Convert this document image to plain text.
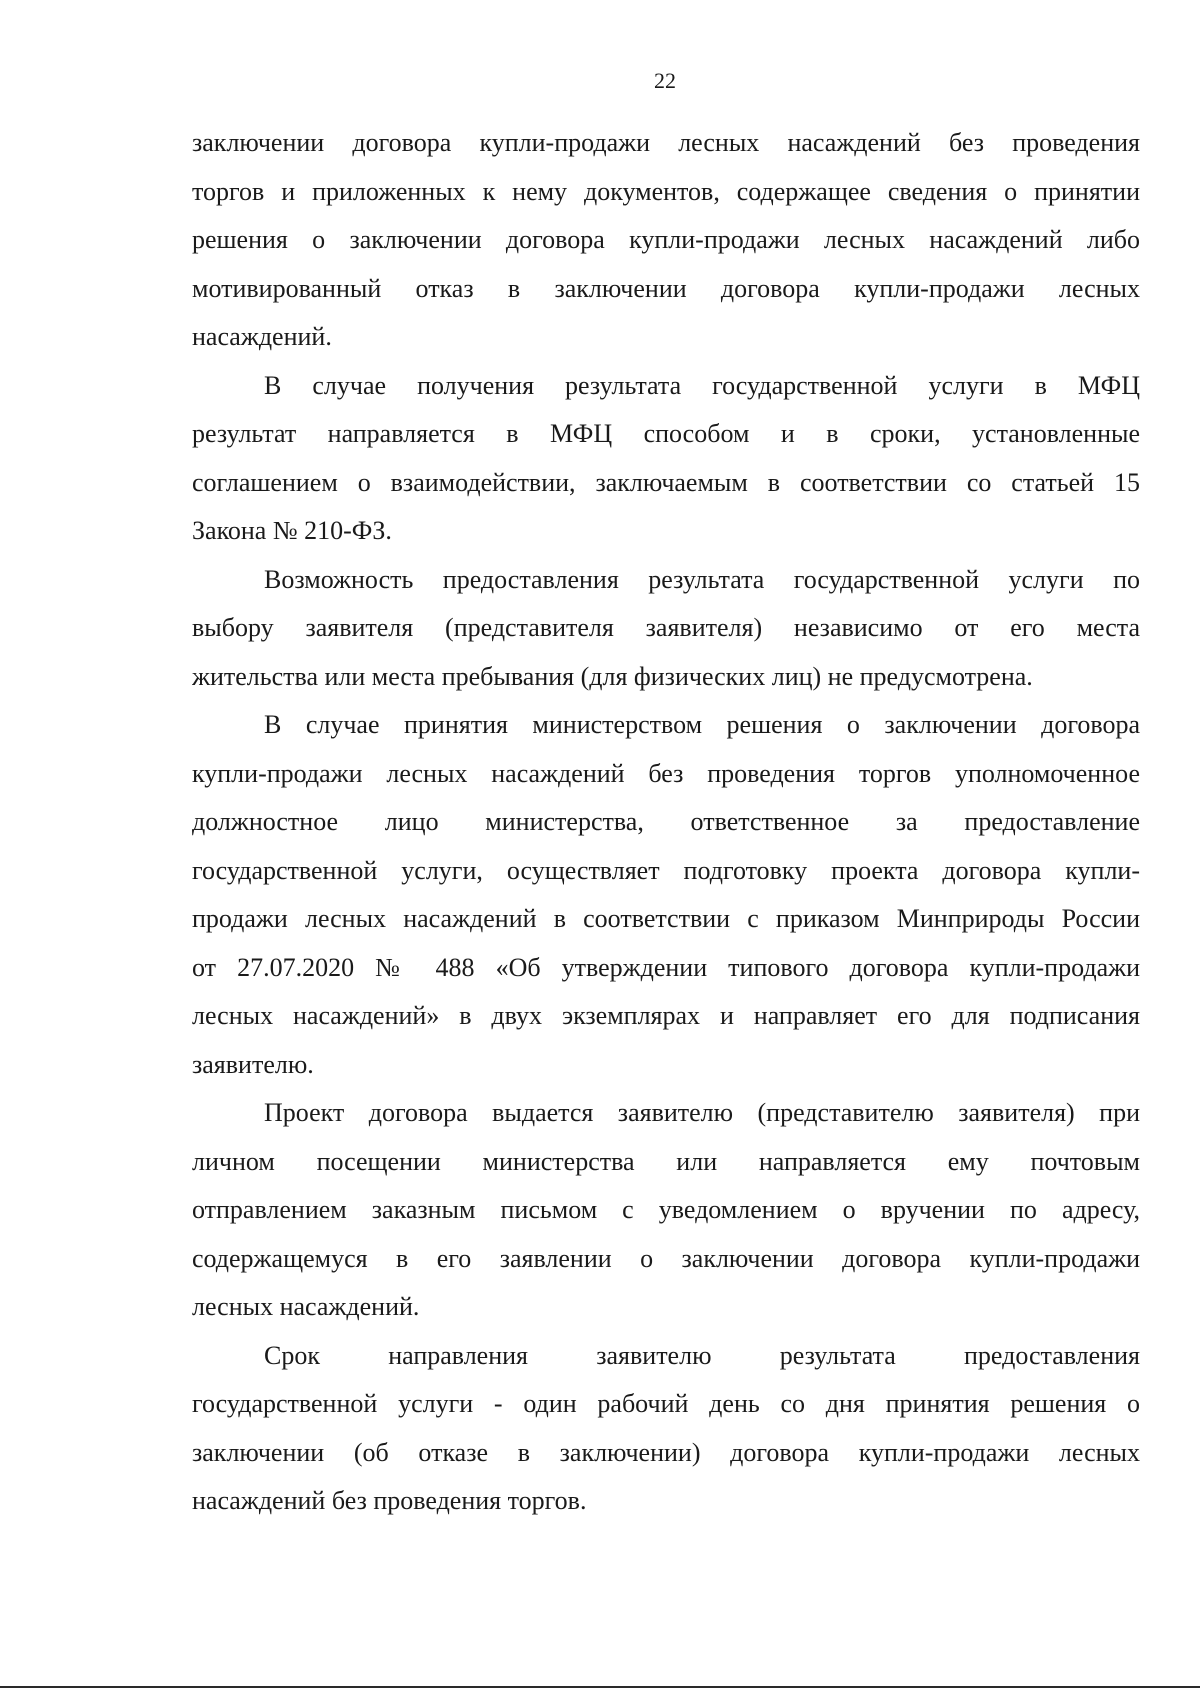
22

заключении договора купли-продажи лесных насаждений без проведения
торгов и приложенных к нему документов, содержащее сведения о принятии
решения о заключении договора купли-продажи лесных насаждений либо
мотивированный отказ в заключении договора купли-продажи лесных
насаждений.

В случае получения результата государственной услуги в МФЦ
результат направляется в МФЦ способом и в сроки, установленные
соглашением о взаимодействии, заключаемым в соответствии со статьей 15
Закона № 210-ФЗ.

Возможность предоставления результата государственной услуги по
выбору заявителя (представителя заявителя) независимо от его места
жительства или места пребывания (для физических лиц) не предусмотрена.

В случае принятия министерством решения о заключении договора
купли-продажи лесных насаждений без проведения торгов уполномоченное
должностное лицо министерства, ответственное за предоставление
государственной услуги, осуществляет подготовку проекта договора купли-
продажи лесных насаждений в соответствии с приказом Минприроды России
от 27.07.2020 № 488 «Об утверждении типового договора купли-продажи
лесных насаждений» в двух экземплярах и направляет его для подписания
заявителю.

Проект договора выдается заявителю (представителю заявителя) при
личном посещении министерства или направляется ему почтовым
отправлением заказным письмом с уведомлением о вручении по адресу,
содержащемуся в его заявлении о заключении договора купли-продажи
лесных насаждений.

Срок направления заявителю результата предоставления
государственной услуги - один рабочий день со дня принятия решения о
заключении (об отказе в заключении) договора купли-продажи лесных
насаждений без проведения торгов.
